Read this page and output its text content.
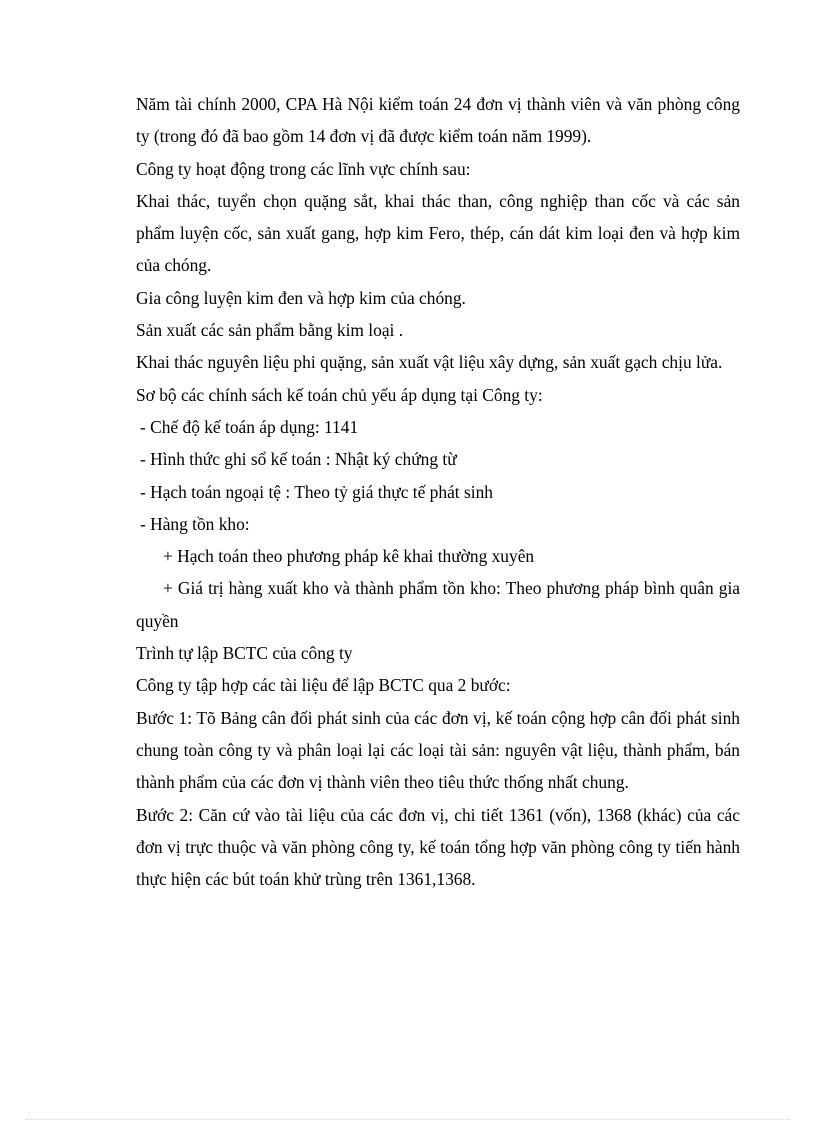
Năm tài chính 2000, CPA Hà Nội kiểm toán 24 đơn vị thành viên và văn phòng công ty (trong đó đã bao gồm 14 đơn vị đã được kiểm toán năm 1999).

Công ty hoạt động trong các lĩnh vực chính sau:

Khai thác, tuyển chọn quặng sắt, khai thác than, công nghiệp than cốc và các sản phẩm luyện cốc, sản xuất gang, hợp kim Fero, thép, cán dát kim loại đen và hợp kim của chóng.

Gia công luyện kim đen và hợp kim của chóng.

Sản xuất các sản phẩm bằng kim loại .

Khai thác nguyên liệu phi quặng, sản xuất vật liệu xây dựng, sản xuất gạch chịu lửa.

Sơ bộ các chính sách kế toán chủ yếu áp dụng tại Công ty:

- Chế độ kế toán áp dụng: 1141

- Hình thức ghi sổ kế toán : Nhật ký chứng từ

- Hạch toán ngoại tệ : Theo tỷ giá thực tế phát sinh

- Hàng tồn kho:

+ Hạch toán theo phương pháp kê khai thường xuyên

+ Giá trị hàng xuất kho và thành phẩm tồn kho: Theo phương pháp bình quân gia quyền

Trình tự lập BCTC của công ty

Công ty tập hợp các tài liệu để lập BCTC qua 2 bước:

Bước 1: Tõ Bảng cân đối phát sinh của các đơn vị, kế toán cộng hợp cân đối phát sinh chung toàn công ty và phân loại lại các loại tài sản: nguyên vật liệu, thành phẩm, bán thành phẩm của các đơn vị thành viên theo tiêu thức thống nhất chung.

Bước 2: Căn cứ vào tài liệu của các đơn vị, chi tiết 1361 (vốn), 1368 (khác) của các đơn vị trực thuộc và văn phòng công ty, kế toán tổng hợp văn phòng công ty tiến hành thực hiện các bút toán khử trùng trên 1361,1368.
